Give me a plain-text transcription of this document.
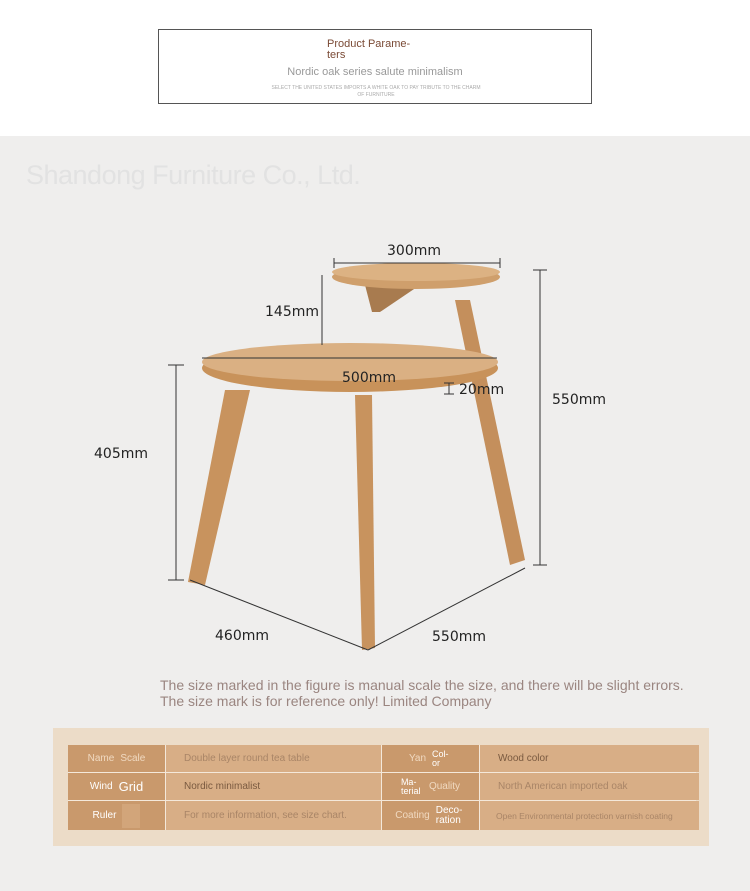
Product Parame-ters
Nordic oak series salute minimalism
SELECT THE UNITED STATES IMPORTS A WHITE OAK TO PAY TRIBUTE TO THE CHARM OF FURNITURE
Shandong Furniture Co., Ltd.
300mm
145mm
500mm
20mm
550mm
405mm
460mm	550mm
The size marked in the figure is manual scale the size, and there will be slight errors.
The size mark is for reference only! Limited Company
Name Scale	Double layer round tea table	Yan Col-or	Wood color
Wind Grid	Nordic minimalist	Ma-terial Quality	North American imported oak
Ruler	For more information, see size chart.	Coating Deco-ration	Open Environmental protection varnish coating
